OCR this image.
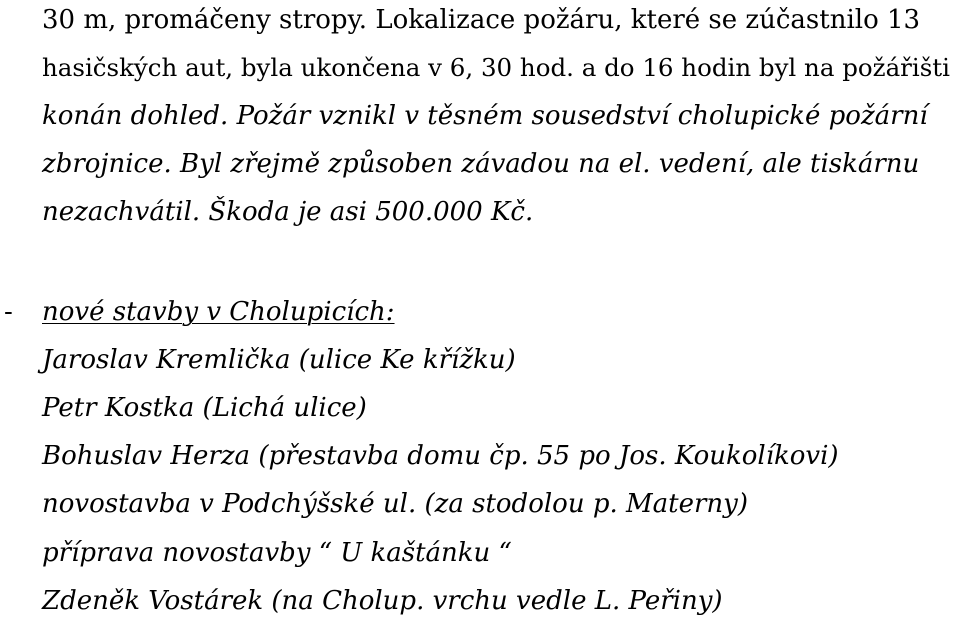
30 m, promáčeny stropy. Lokalizace požáru, které se zúčastnilo 13
hasičských aut, byla ukončena v 6, 30 hod. a do 16 hodin byl na požářišti
konán dohled. Požár vznikl v těsném sousedství cholupické požární
zbrojnice. Byl zřejmě způsoben závadou na el. vedení, ale tiskárnu
nezachvátil. Škoda je asi 500.000 Kč.
- nové stavby v Cholupicích:
Jaroslav Kremlička (ulice Ke křížku)
Petr Kostka (Lichá ulice)
Bohuslav Herza (přestavba domu čp. 55 po Jos. Koukolíkovi)
novostavba v Podchýšské ul. (za stodolou p. Materny)
příprava novostavby “ U kaštánku “
Zdeněk Vostárek (na Cholup. vrchu vedle L. Peřiny)
